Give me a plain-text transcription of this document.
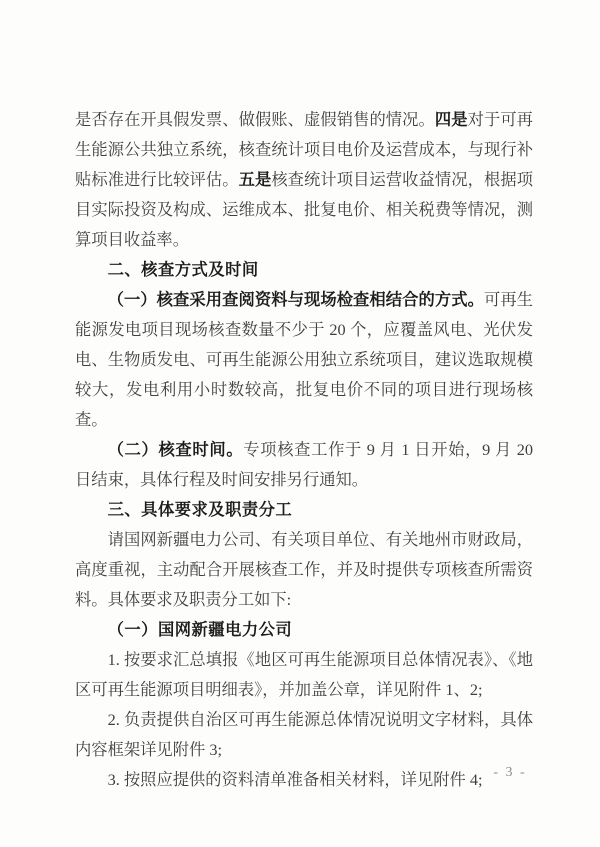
是否存在开具假发票、做假账、虚假销售的情况。四是对于可再生能源公共独立系统，核查统计项目电价及运营成本，与现行补贴标准进行比较评估。五是核查统计项目运营收益情况，根据项目实际投资及构成、运维成本、批复电价、相关税费等情况，测算项目收益率。

二、核查方式及时间

（一）核查采用查阅资料与现场检查相结合的方式。可再生能源发电项目现场核查数量不少于 20 个，应覆盖风电、光伏发电、生物质发电、可再生能源公用独立系统项目，建议选取规模较大，发电利用小时数较高，批复电价不同的项目进行现场核查。

（二）核查时间。专项核查工作于 9 月 1 日开始，9 月 20 日结束，具体行程及时间安排另行通知。

三、具体要求及职责分工

请国网新疆电力公司、有关项目单位、有关地州市财政局，高度重视，主动配合开展核查工作，并及时提供专项核查所需资料。具体要求及职责分工如下:

（一）国网新疆电力公司

1. 按要求汇总填报《地区可再生能源项目总体情况表》、《地区可再生能源项目明细表》，并加盖公章，详见附件 1、2;

2. 负责提供自治区可再生能源总体情况说明文字材料，具体内容框架详见附件 3;

3. 按照应提供的资料清单准备相关材料，详见附件 4; - 3 -
